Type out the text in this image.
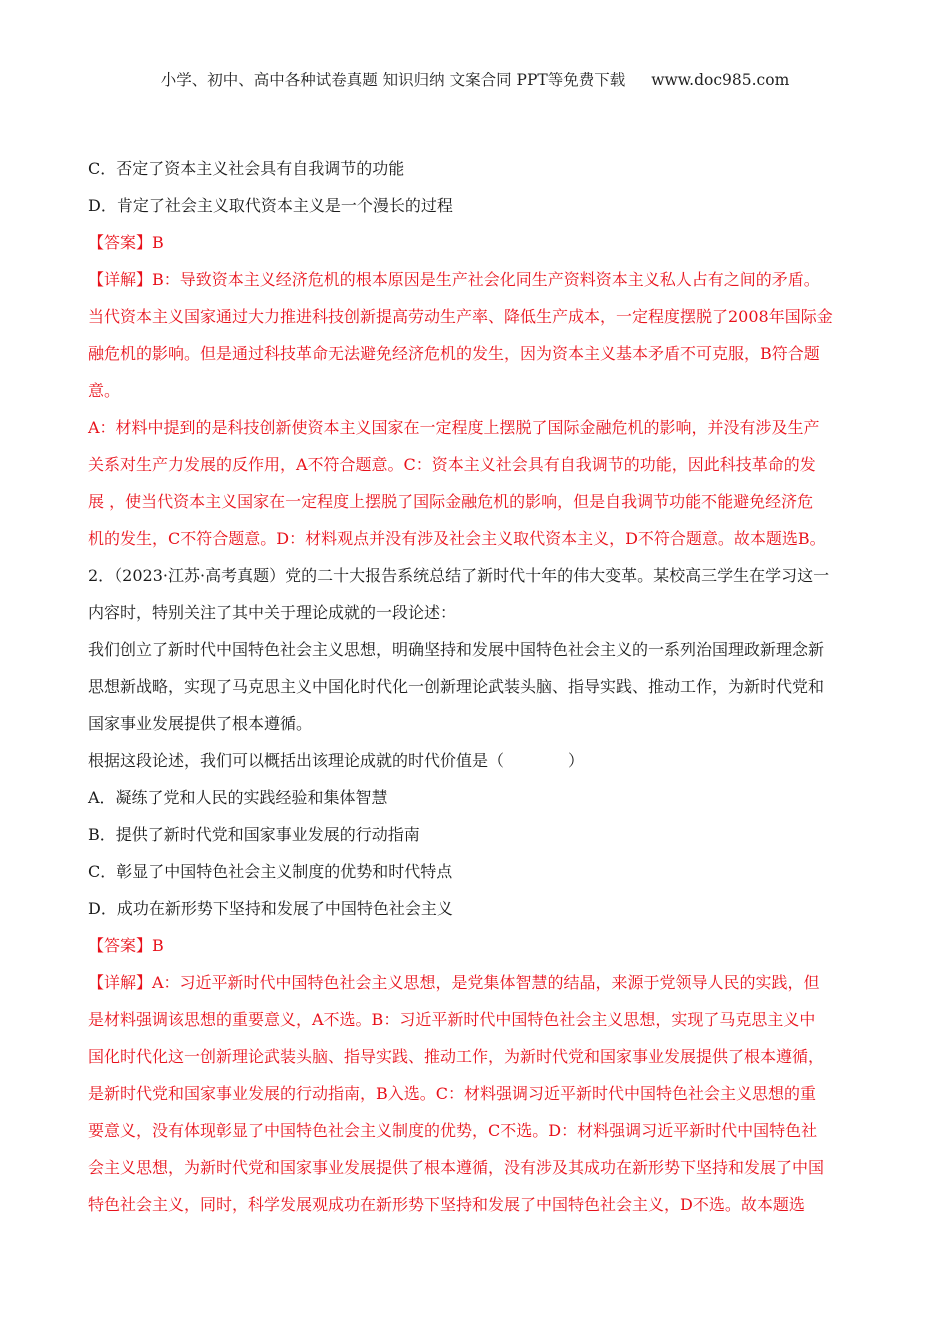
小学、初中、高中各种试卷真题 知识归纳 文案合同 PPT等免费下载 www.doc985.com
C．否定了资本主义社会具有自我调节的功能
D．肯定了社会主义取代资本主义是一个漫长的过程
【答案】B
【详解】B：导致资本主义经济危机的根本原因是生产社会化同生产资料资本主义私人占有之间的矛盾。
当代资本主义国家通过大力推进科技创新提高劳动生产率、降低生产成本，一定程度摆脱了2008年国际金
融危机的影响。但是通过科技革命无法避免经济危机的发生，因为资本主义基本矛盾不可克服，B符合题
意。
A：材料中提到的是科技创新使资本主义国家在一定程度上摆脱了国际金融危机的影响，并没有涉及生产
关系对生产力发展的反作用，A不符合题意。C：资本主义社会具有自我调节的功能，因此科技革命的发
展 ，使当代资本主义国家在一定程度上摆脱了国际金融危机的影响，但是自我调节功能不能避免经济危
机的发生，C不符合题意。D：材料观点并没有涉及社会主义取代资本主义，D不符合题意。故本题选B。
2．（2023·江苏·高考真题）党的二十大报告系统总结了新时代十年的伟大变革。某校高三学生在学习这一
内容时，特别关注了其中关于理论成就的一段论述：
我们创立了新时代中国特色社会主义思想，明确坚持和发展中国特色社会主义的一系列治国理政新理念新
思想新战略，实现了马克思主义中国化时代化一创新理论武装头脑、指导实践、推动工作，为新时代党和
国家事业发展提供了根本遵循。
根据这段论述，我们可以概括出该理论成就的时代价值是（　　　　）
A．凝练了党和人民的实践经验和集体智慧
B．提供了新时代党和国家事业发展的行动指南
C．彰显了中国特色社会主义制度的优势和时代特点
D．成功在新形势下坚持和发展了中国特色社会主义
【答案】B
【详解】A：习近平新时代中国特色社会主义思想，是党集体智慧的结晶，来源于党领导人民的实践，但
是材料强调该思想的重要意义，A不选。B：习近平新时代中国特色社会主义思想，实现了马克思主义中
国化时代化这一创新理论武装头脑、指导实践、推动工作，为新时代党和国家事业发展提供了根本遵循，
是新时代党和国家事业发展的行动指南，B入选。C：材料强调习近平新时代中国特色社会主义思想的重
要意义，没有体现彰显了中国特色社会主义制度的优势，C不选。D：材料强调习近平新时代中国特色社
会主义思想，为新时代党和国家事业发展提供了根本遵循，没有涉及其成功在新形势下坚持和发展了中国
特色社会主义，同时，科学发展观成功在新形势下坚持和发展了中国特色社会主义，D不选。故本题选
